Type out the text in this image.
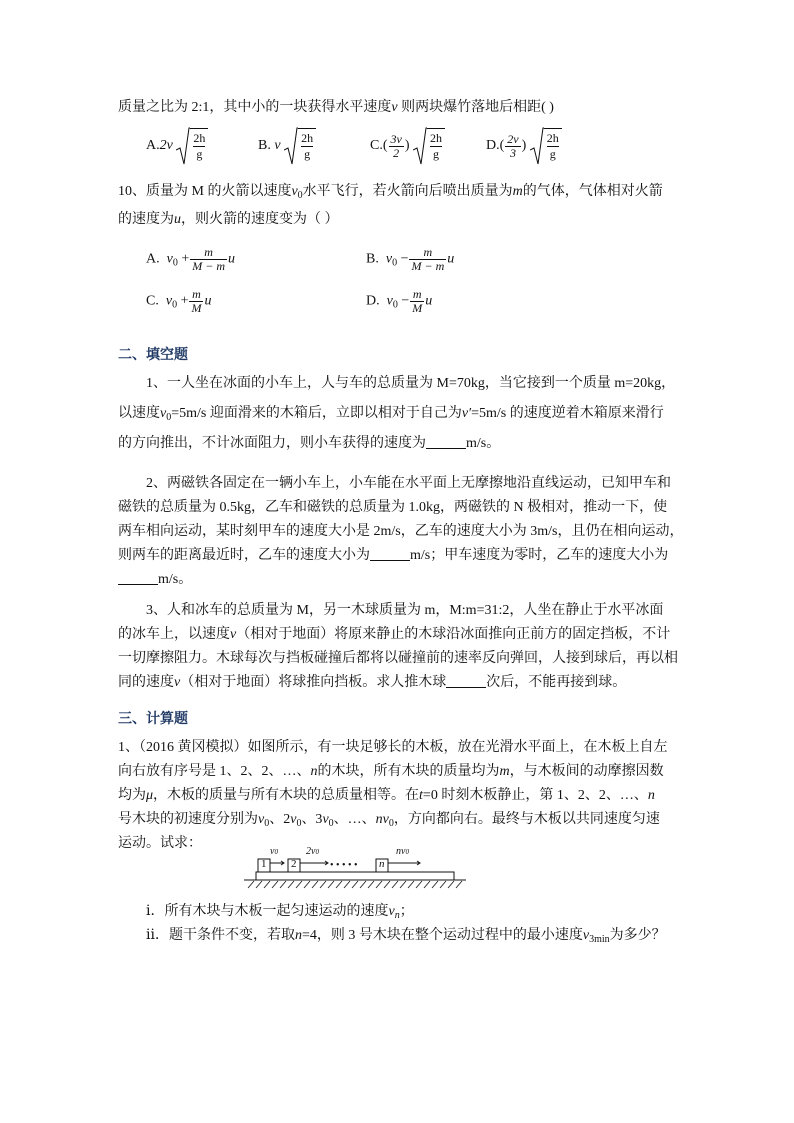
质量之比为 2:1，其中小的一块获得水平速度v 则两块爆竹落地后相距( )
$A.2v \frac{2h}{g}$	B. v $\frac{2h}{g}$	$C.( \frac{3v}{2}$ ) $\frac{2h}{g}$	$D.( \frac{2v}{3}$ ) $\frac{2h}{g}$
10、质量为 M 的火箭以速度$v_0$水平飞行，若火箭向后喷出质量为m的气体，气体相对火箭
的速度为u，则火箭的速度变为（ ）
A. $v_0 + \frac{m}{M - m}$ u	B. $v_0 - \frac{m}{M - m}$ u
C. $v_0 + \frac{m}{M}$ u	D. $v_0 - \frac{m}{M}$ u
二、填空题
1、一人坐在冰面的小车上，人与车的总质量为 M=70kg，当它接到一个质量 m=20kg，
以速度$v_0=5m/s$ 迎面滑来的木箱后，立即以相对于自己为v′=5m/s 的速度逆着木箱原来滑行
的方向推出，不计冰面阻力，则小车获得的速度为	m/s。
2、两磁铁各固定在一辆小车上，小车能在水平面上无摩擦地沿直线运动，已知甲车和
磁铁的总质量为 0.5kg，乙车和磁铁的总质量为 1.0kg，两磁铁的 N 极相对，推动一下，使
两车相向运动，某时刻甲车的速度大小是 2m/s，乙车的速度大小为 3m/s，且仍在相向运动，
则两车的距离最近时，乙车的速度大小为	m/s；甲车速度为零时，乙车的速度大小为
m/s。
3、人和冰车的总质量为 M，另一木球质量为 m，M:m=31:2，人坐在静止于水平冰面
的冰车上，以速度v（相对于地面）将原来静止的木球沿冰面推向正前方的固定挡板，不计
一切摩擦阻力。木球每次与挡板碰撞后都将以碰撞前的速率反向弹回，人接到球后，再以相
同的速度v（相对于地面）将球推向挡板。求人推木球	次后，不能再接到球。
三、计算题
1、（2016 黄冈模拟）如图所示，有一块足够长的木板，放在光滑水平面上，在木板上自左
向右放有序号是 1、2、2、…、n的木块，所有木块的质量均为m，与木板间的动摩擦因数
均为μ，木板的质量与所有木块的总质量相等。在t=0 时刻木板静止，第 1、2、2、…、n
号木块的初速度分别为$v_0$、$2v_0$、$3v_0$、…、$nv_0$，方向都向右。最终与木板以共同速度匀速
运动。试求：
1 2	n
• • • • •
v0	2v0	nv0
ⅰ．所有木块与木板一起匀速运动的速度$v_n$；
ⅱ．题干条件不变，若取n=4，则 3 号木块在整个运动过程中的最小速度$v_{3min}$为多少？
